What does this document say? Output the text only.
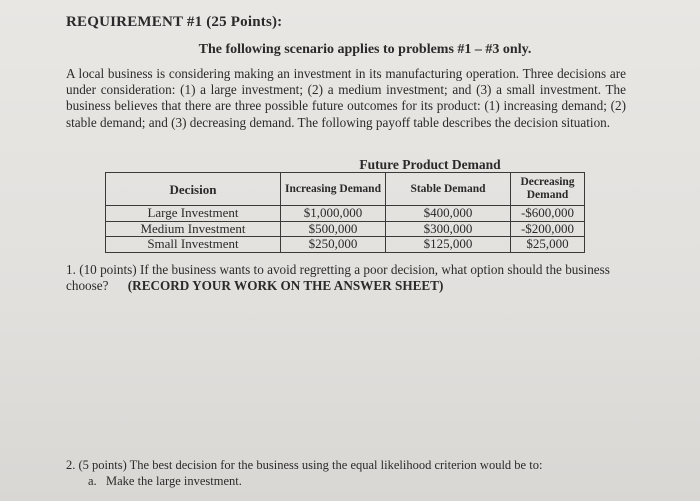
REQUIREMENT #1 (25 Points):
The following scenario applies to problems #1 – #3 only.
A local business is considering making an investment in its manufacturing operation. Three decisions are under consideration: (1) a large investment; (2) a medium investment; and (3) a small investment. The business believes that there are three possible future outcomes for its product: (1) increasing demand; (2) stable demand; and (3) decreasing demand. The following payoff table describes the decision situation.
Future Product Demand
Decision	Increasing Demand	Stable Demand	Decreasing Demand
Large Investment	$1,000,000	$400,000	-$600,000
Medium Investment	$500,000	$300,000	-$200,000
Small Investment	$250,000	$125,000	$25,000
1. (10 points) If the business wants to avoid regretting a poor decision, what option should the business choose? (RECORD YOUR WORK ON THE ANSWER SHEET)
2. (5 points) The best decision for the business using the equal likelihood criterion would be to:
a. Make the large investment.
